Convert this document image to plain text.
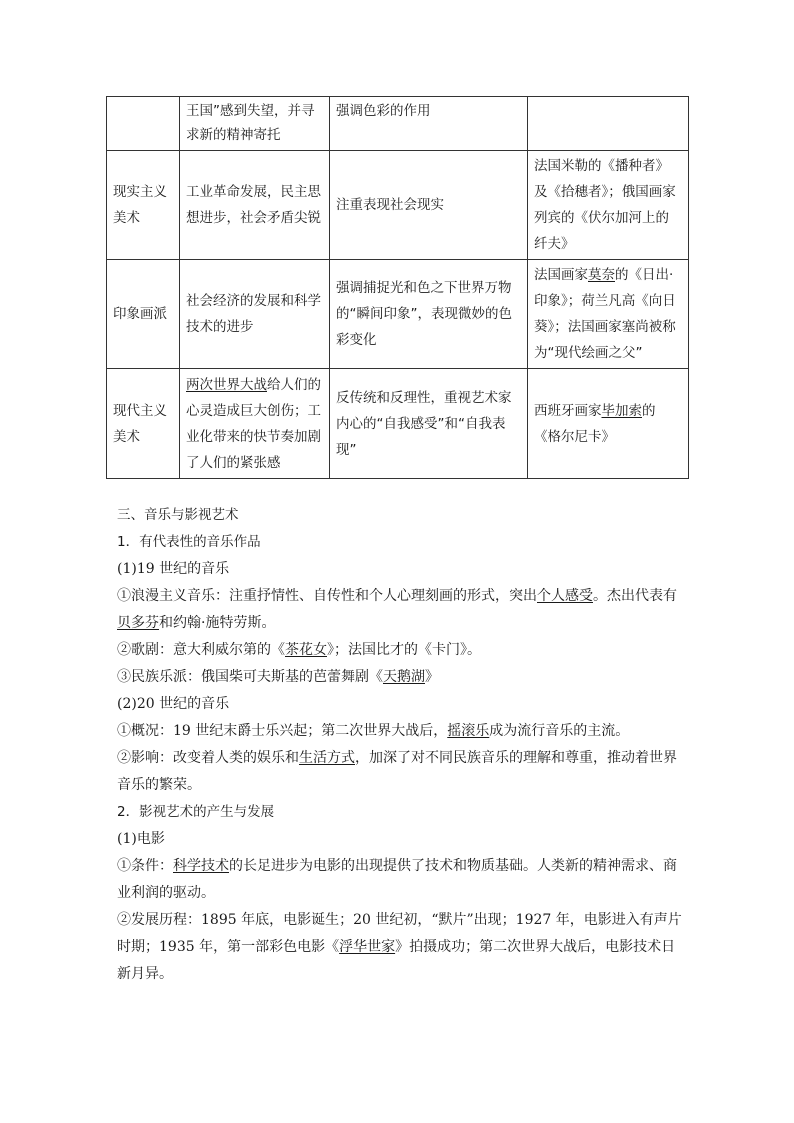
	王国”感到失望，并寻求新的精神寄托	强调色彩的作用	
现实主义美术	工业革命发展，民主思想进步，社会矛盾尖锐	注重表现社会现实	法国米勒的《播种者》及《拾穗者》；俄国画家列宾的《伏尔加河上的纤夫》
印象画派	社会经济的发展和科学技术的进步	强调捕捉光和色之下世界万物的“瞬间印象”，表现微妙的色彩变化	法国画家莫奈的《日出·印象》；荷兰凡高《向日葵》；法国画家塞尚被称为“现代绘画之父”
现代主义美术	两次世界大战给人们的心灵造成巨大创伤；工业化带来的快节奏加剧了人们的紧张感	反传统和反理性，重视艺术家内心的“自我感受”和“自我表现”	西班牙画家毕加索的《格尔尼卡》

三、音乐与影视艺术

1．有代表性的音乐作品

(1)19 世纪的音乐

①浪漫主义音乐：注重抒情性、自传性和个人心理刻画的形式，突出个人感受。杰出代表有贝多芬和约翰·施特劳斯。

②歌剧：意大利威尔第的《茶花女》；法国比才的《卡门》。

③民族乐派：俄国柴可夫斯基的芭蕾舞剧《天鹅湖》

(2)20 世纪的音乐

①概况：19 世纪末爵士乐兴起；第二次世界大战后，摇滚乐成为流行音乐的主流。

②影响：改变着人类的娱乐和生活方式，加深了对不同民族音乐的理解和尊重，推动着世界音乐的繁荣。

2．影视艺术的产生与发展

(1)电影

①条件：科学技术的长足进步为电影的出现提供了技术和物质基础。人类新的精神需求、商业利润的驱动。

②发展历程：1895 年底，电影诞生；20 世纪初，“默片”出现；1927 年，电影进入有声片时期；1935 年，第一部彩色电影《浮华世家》拍摄成功；第二次世界大战后，电影技术日新月异。
